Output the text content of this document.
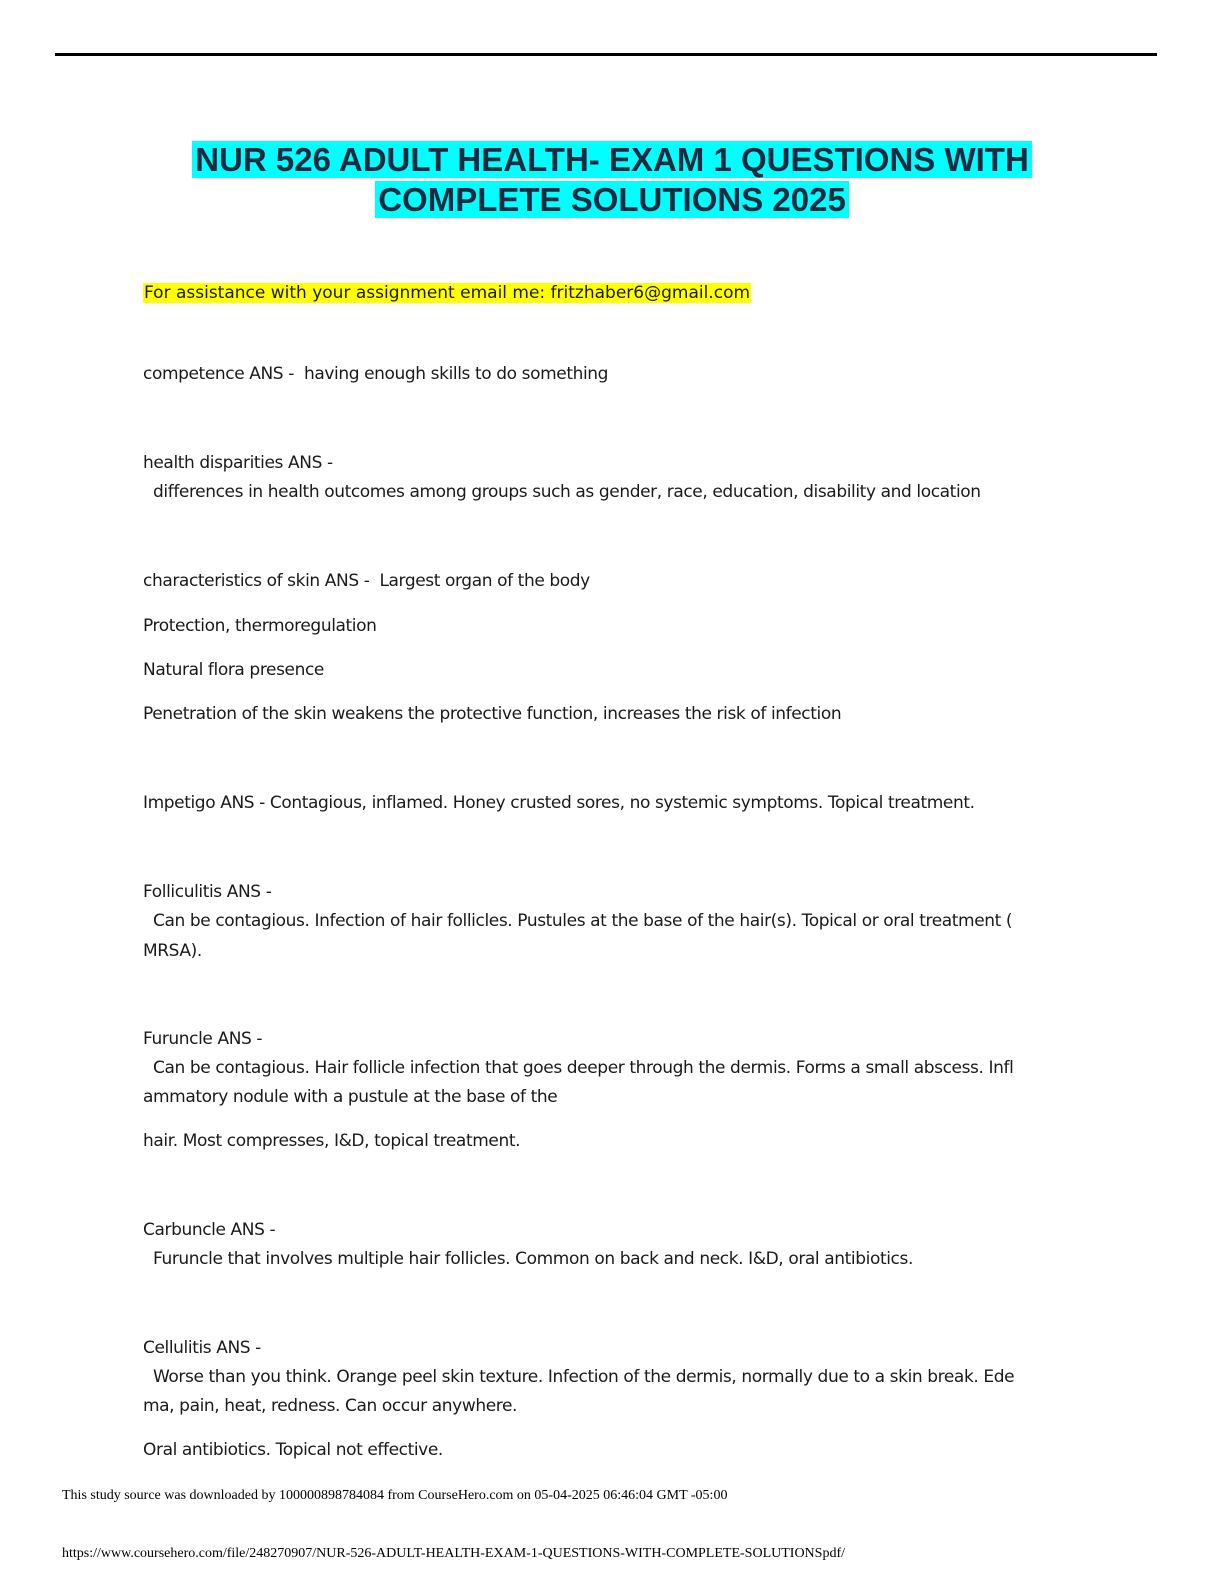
NUR 526 ADULT HEALTH- EXAM 1 QUESTIONS WITH
COMPLETE SOLUTIONS 2025
For assistance with your assignment email me: fritzhaber6@gmail.com
competence ANS -  having enough skills to do something
health disparities ANS -
differences in health outcomes among groups such as gender, race, education, disability and location
characteristics of skin ANS -  Largest organ of the body
Protection, thermoregulation
Natural flora presence
Penetration of the skin weakens the protective function, increases the risk of infection
Impetigo ANS - Contagious, inflamed. Honey crusted sores, no systemic symptoms. Topical treatment.
Folliculitis ANS -
Can be contagious. Infection of hair follicles. Pustules at the base of the hair(s). Topical or oral treatment (
MRSA).
Furuncle ANS -
Can be contagious. Hair follicle infection that goes deeper through the dermis. Forms a small abscess. Infl
ammatory nodule with a pustule at the base of the
hair. Most compresses, I&D, topical treatment.
Carbuncle ANS -
Furuncle that involves multiple hair follicles. Common on back and neck. I&D, oral antibiotics.
Cellulitis ANS -
Worse than you think. Orange peel skin texture. Infection of the dermis, normally due to a skin break. Ede
ma, pain, heat, redness. Can occur anywhere.
Oral antibiotics. Topical not effective.
This study source was downloaded by 100000898784084 from CourseHero.com on 05-04-2025 06:46:04 GMT -05:00
https://www.coursehero.com/file/248270907/NUR-526-ADULT-HEALTH-EXAM-1-QUESTIONS-WITH-COMPLETE-SOLUTIONSpdf/
